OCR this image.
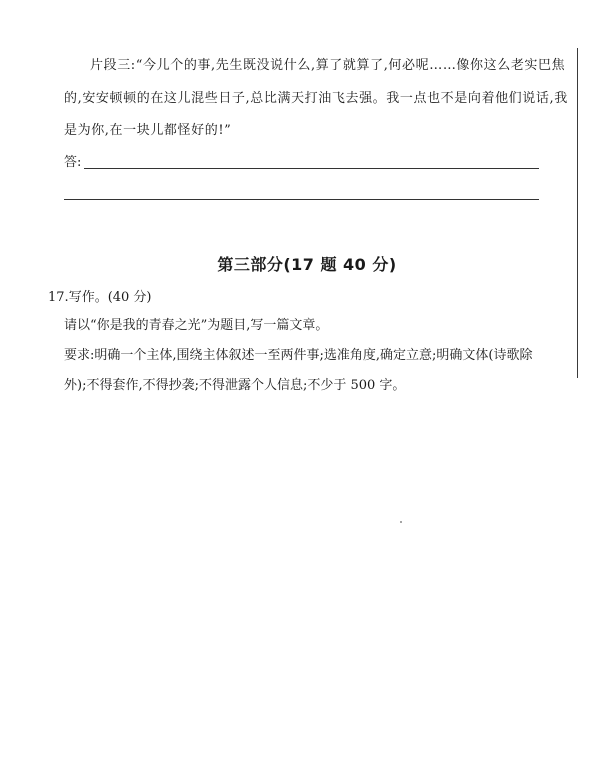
片段三:“今儿个的事,先生既没说什么,算了就算了,何必呢……像你这么老实巴焦
的,安安顿顿的在这儿混些日子,总比满天打油飞去强。我一点也不是向着他们说话,我
是为你,在一块儿都怪好的!”
答:
第三部分(17 题 40 分)
17.写作。(40 分)
请以“你是我的青春之光”为题目,写一篇文章。
要求:明确一个主体,围绕主体叙述一至两件事;选准角度,确定立意;明确文体(诗歌除
外);不得套作,不得抄袭;不得泄露个人信息;不少于 500 字。
